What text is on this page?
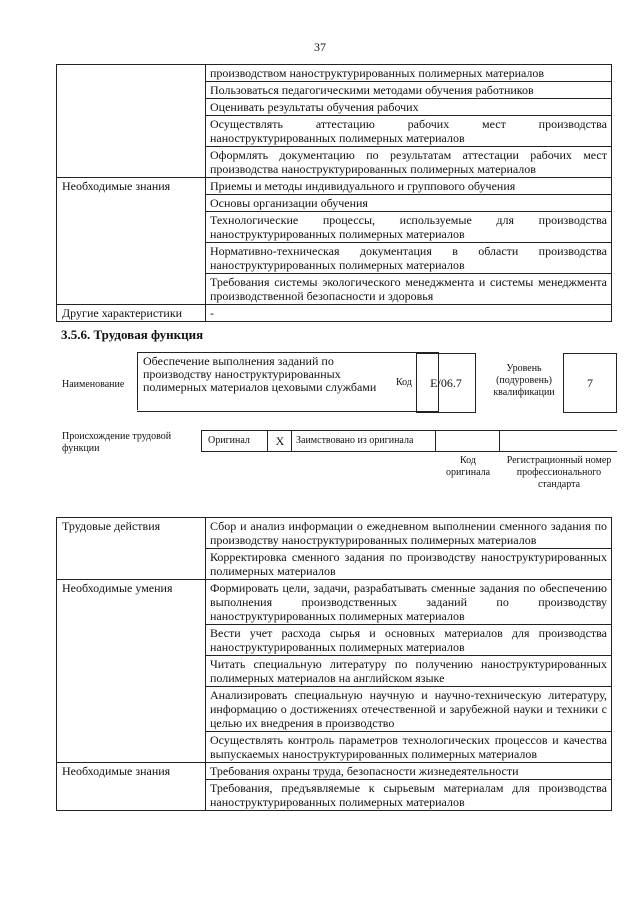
37
	производством наноструктурированных полимерных материалов
	Пользоваться педагогическими методами обучения работников
	Оценивать результаты обучения рабочих
	Осуществлять аттестацию рабочих мест производства наноструктурированных полимерных материалов
	Оформлять документацию по результатам аттестации рабочих мест производства наноструктурированных полимерных материалов
Необходимые знания	Приемы и методы индивидуального и группового обучения
	Основы организации обучения
	Технологические процессы, используемые для производства наноструктурированных полимерных материалов
	Нормативно-техническая документация в области производства наноструктурированных полимерных материалов
	Требования системы экологического менеджмента и системы менеджмента производственной безопасности и здоровья
Другие характеристики	-
3.5.6. Трудовая функция
Наименование
Обеспечение выполнения заданий по производству наноструктурированных полимерных материалов цеховыми службами	Код	E/06.7
Уровень (подуровень) квалификации
7
Происхождение трудовой функции
Оригинал	X	Заимствовано из оригинала
Код оригинала
Регистрационный номер профессионального стандарта
Трудовые действия	Сбор и анализ информации о ежедневном выполнении сменного задания по производству наноструктурированных полимерных материалов
	Корректировка сменного задания по производству наноструктурированных полимерных материалов
Необходимые умения	Формировать цели, задачи, разрабатывать сменные задания по обеспечению выполнения производственных заданий по производству наноструктурированных полимерных материалов
	Вести учет расхода сырья и основных материалов для производства наноструктурированных полимерных материалов
	Читать специальную литературу по получению наноструктурированных полимерных материалов на английском языке
	Анализировать специальную научную и научно-техническую литературу, информацию о достижениях отечественной и зарубежной науки и техники с целью их внедрения в производство
	Осуществлять контроль параметров технологических процессов и качества выпускаемых наноструктурированных полимерных материалов
Необходимые знания	Требования охраны труда, безопасности жизнедеятельности
	Требования, предъявляемые к сырьевым материалам для производства наноструктурированных полимерных материалов
